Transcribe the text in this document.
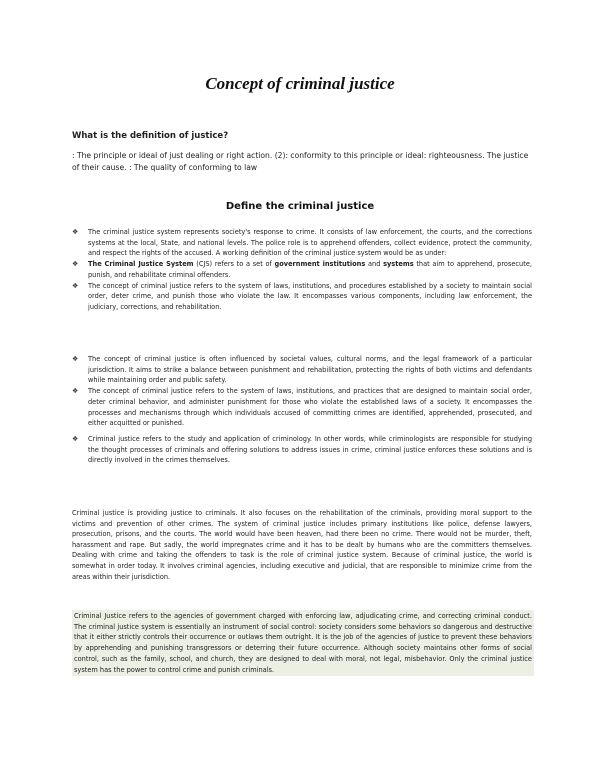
Concept of criminal justice
What is the definition of justice?
: The principle or ideal of just dealing or right action. (2): conformity to this principle or ideal: righteousness. The justice of their cause. : The quality of conforming to law
Define the criminal justice
❖ The criminal justice system represents society's response to crime. It consists of law enforcement, the courts, and the corrections systems at the local, State, and national levels. The police role is to apprehend offenders, collect evidence, protect the community, and respect the rights of the accused. A working definition of the criminal justice system would be as under:
❖ The Criminal Justice System (CJS) refers to a set of government institutions and systems that aim to apprehend, prosecute, punish, and rehabilitate criminal offenders.
❖ The concept of criminal justice refers to the system of laws, institutions, and procedures established by a society to maintain social order, deter crime, and punish those who violate the law. It encompasses various components, including law enforcement, the judiciary, corrections, and rehabilitation.
❖ The concept of criminal justice is often influenced by societal values, cultural norms, and the legal framework of a particular jurisdiction. It aims to strike a balance between punishment and rehabilitation, protecting the rights of both victims and defendants while maintaining order and public safety.
❖ The concept of criminal justice refers to the system of laws, institutions, and practices that are designed to maintain social order, deter criminal behavior, and administer punishment for those who violate the established laws of a society. It encompasses the processes and mechanisms through which individuals accused of committing crimes are identified, apprehended, prosecuted, and either acquitted or punished.
❖ Criminal justice refers to the study and application of criminology. In other words, while criminologists are responsible for studying the thought processes of criminals and offering solutions to address issues in crime, criminal justice enforces these solutions and is directly involved in the crimes themselves.

Criminal justice is providing justice to criminals. It also focuses on the rehabilitation of the criminals, providing moral support to the victims and prevention of other crimes. The system of criminal justice includes primary institutions like police, defense lawyers, prosecution, prisons, and the courts. The world would have been heaven, had there been no crime. There would not be murder, theft, harassment and rape. But sadly, the world impregnates crime and it has to be dealt by humans who are the committers themselves. Dealing with crime and taking the offenders to task is the role of criminal justice system. Because of criminal justice, the world is somewhat in order today. It involves criminal agencies, including executive and judicial, that are responsible to minimize crime from the areas within their jurisdiction.

Criminal Justice refers to the agencies of government charged with enforcing law, adjudicating crime, and correcting criminal conduct. The criminal justice system is essentially an instrument of social control: society considers some behaviors so dangerous and destructive that it either strictly controls their occurrence or outlaws them outright. It is the job of the agencies of justice to prevent these behaviors by apprehending and punishing transgressors or deterring their future occurrence. Although society maintains other forms of social control, such as the family, school, and church, they are designed to deal with moral, not legal, misbehavior. Only the criminal justice system has the power to control crime and punish criminals.
